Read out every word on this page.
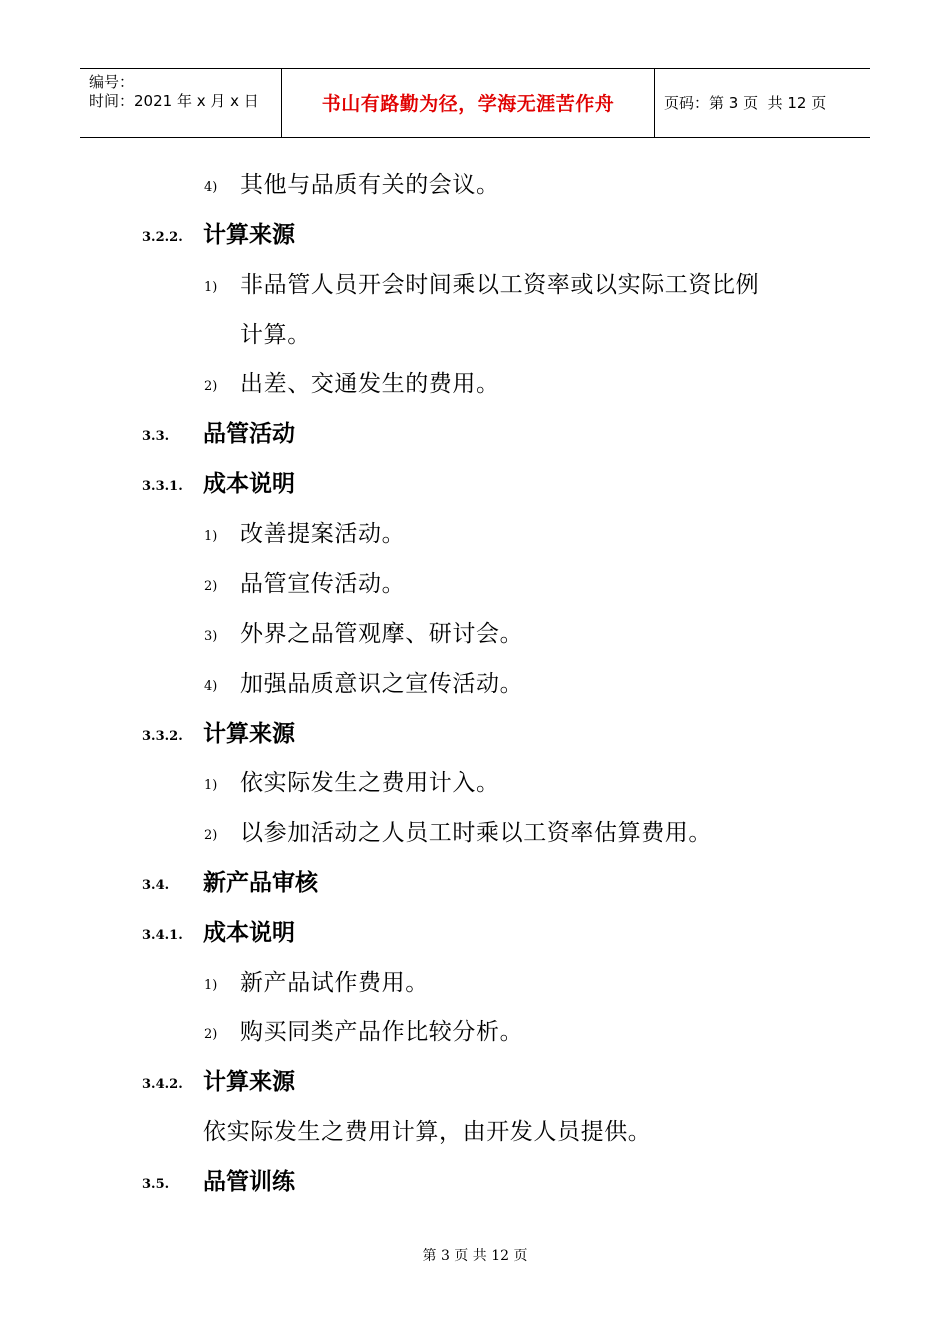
编号：
时间：2021 年 x 月 x 日	书山有路勤为径，学海无涯苦作舟	页码：第 3 页  共 12 页
4) 其他与品质有关的会议。
3.2.2. 计算来源
1) 非品管人员开会时间乘以工资率或以实际工资比例
计算。
2) 出差、交通发生的费用。
3.3. 品管活动
3.3.1. 成本说明
1) 改善提案活动。
2) 品管宣传活动。
3) 外界之品管观摩、研讨会。
4) 加强品质意识之宣传活动。
3.3.2. 计算来源
1) 依实际发生之费用计入。
2) 以参加活动之人员工时乘以工资率估算费用。
3.4. 新产品审核
3.4.1. 成本说明
1) 新产品试作费用。
2) 购买同类产品作比较分析。
3.4.2. 计算来源
依实际发生之费用计算，由开发人员提供。
3.5. 品管训练
第 3 页 共 12 页
